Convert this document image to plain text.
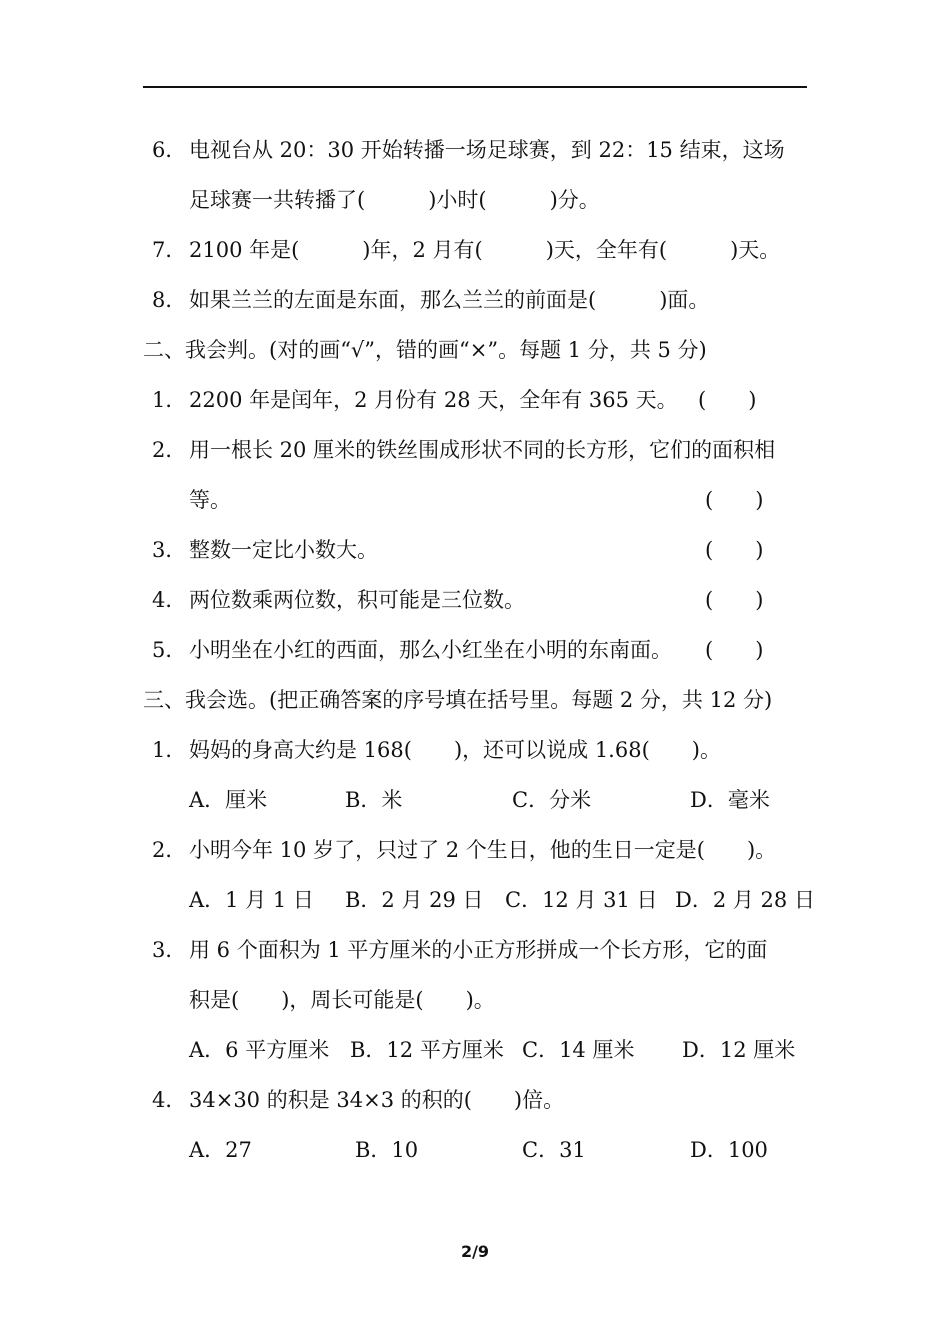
6． 电视台从 20：30 开始转播一场足球赛，到 22：15 结束，这场
足球赛一共转播了(　　　)小时(　　　)分。
7． 2100 年是(　　　)年，2 月有(　　　)天，全年有(　　　)天。
8． 如果兰兰的左面是东面，那么兰兰的前面是(　　　)面。
二、我会判。(对的画“√”，错的画“×”。每题 1 分，共 5 分)
1． 2200 年是闰年，2 月份有 28 天，全年有 365 天。 (　　)
2． 用一根长 20 厘米的铁丝围成形状不同的长方形，它们的面积相
等。	(　　)
3． 整数一定比小数大。	(　　)
4． 两位数乘两位数，积可能是三位数。	(　　)
5． 小明坐在小红的西面，那么小红坐在小明的东南面。 (　　)
三、我会选。(把正确答案的序号填在括号里。每题 2 分，共 12 分)
1． 妈妈的身高大约是 168(　　)，还可以说成 1.68(　　)。
A．厘米	B．米	C．分米	D．毫米
2． 小明今年 10 岁了，只过了 2 个生日，他的生日一定是(　　)。
A．1 月 1 日 B．2 月 29 日 C．12 月 31 日 D．2 月 28 日
3． 用 6 个面积为 1 平方厘米的小正方形拼成一个长方形，它的面
积是(　　)，周长可能是(　　)。
A．6 平方厘米 B．12 平方厘米 C．14 厘米 D．12 厘米
4． 34×30 的积是 34×3 的积的(　　)倍。
A．27	B．10	C．31	D．100
2/9
